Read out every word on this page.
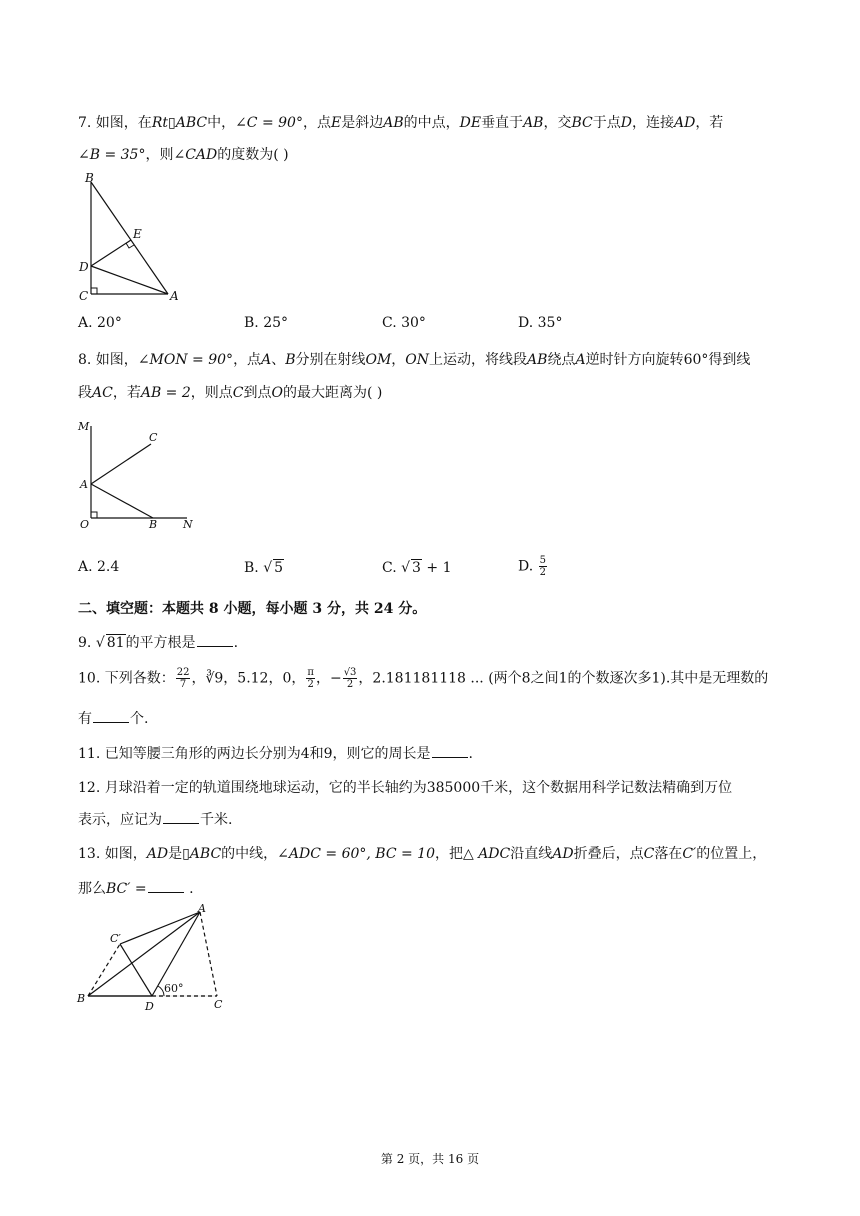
7. 如图，在Rt▯ABC中，∠C = 90°，点E是斜边AB的中点，DE垂直于AB，交BC于点D，连接AD，若
∠B = 35°，则∠CAD的度数为( )
B
E
D
C	A
A. 20°	B. 25°	C. 30°	D. 35°
8. 如图，∠MON = 90°，点A、B分别在射线OM，ON上运动，将线段AB绕点A逆时针方向旋转60°得到线
段AC，若AB = 2，则点C到点O的最大距离为( )
M
C
A
O	B N
A. 2.4	B. √ 5	C. √ 3 + 1	D. $\frac{5}{2}$
二、填空题：本题共 8 小题，每小题 3 分，共 24 分。
9. √ 81的平方根是	.
10. 下列各数： $\frac{22}{7}$ ，∛9，5.12，0， $\frac{\pi}{2}$ ，− $\frac{√3}{2}$ ，2.181181118 ... (两个8之间1的个数逐次多1).其中是无理数的
有	个.
11. 已知等腰三角形的两边长分别为4和9，则它的周长是	.
12. 月球沿着一定的轨道围绕地球运动，它的半长轴约为385000千米，这个数据用科学记数法精确到万位
表示，应记为	千米.
13. 如图，AD是▯ABC的中线，∠ADC = 60°, BC = 10，把△ ADC沿直线AD折叠后，点C落在C′的位置上，
那么BC′ =	.
A
C′
B
D	C
60°
第 2 页，共 16 页
